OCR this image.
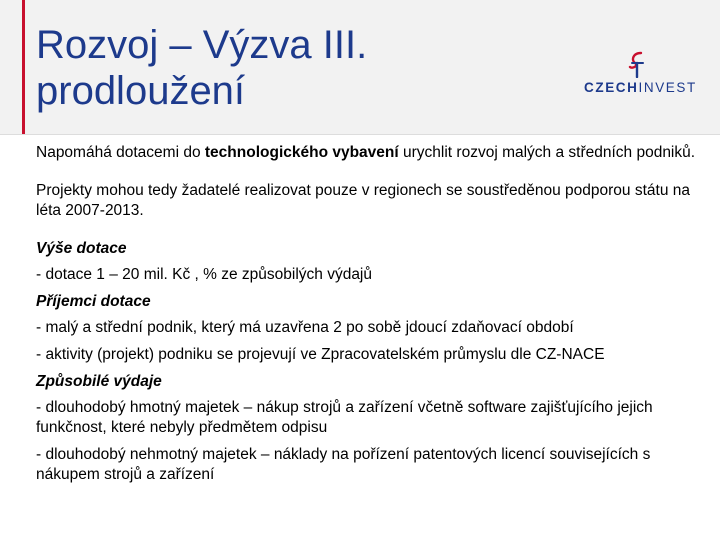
Rozvoj – Výzva III.
prodloužení	CZECHINVEST

Napomáhá dotacemi do technologického vybavení urychlit rozvoj malých a středních podniků.

Projekty mohou tedy žadatelé realizovat pouze v regionech se soustředěnou podporou státu na léta 2007-2013.

Výše dotace

- dotace 1 – 20 mil. Kč , % ze způsobilých výdajů

Příjemci dotace

- malý a střední podnik, který má uzavřena 2 po sobě jdoucí zdaňovací období

- aktivity (projekt) podniku se projevují ve Zpracovatelském průmyslu dle CZ-NACE

Způsobilé výdaje

- dlouhodobý hmotný majetek – nákup strojů a zařízení včetně software zajišťujícího jejich funkčnost, které nebyly předmětem odpisu

- dlouhodobý nehmotný majetek – náklady na pořízení patentových licencí souvisejících s nákupem strojů a zařízení
